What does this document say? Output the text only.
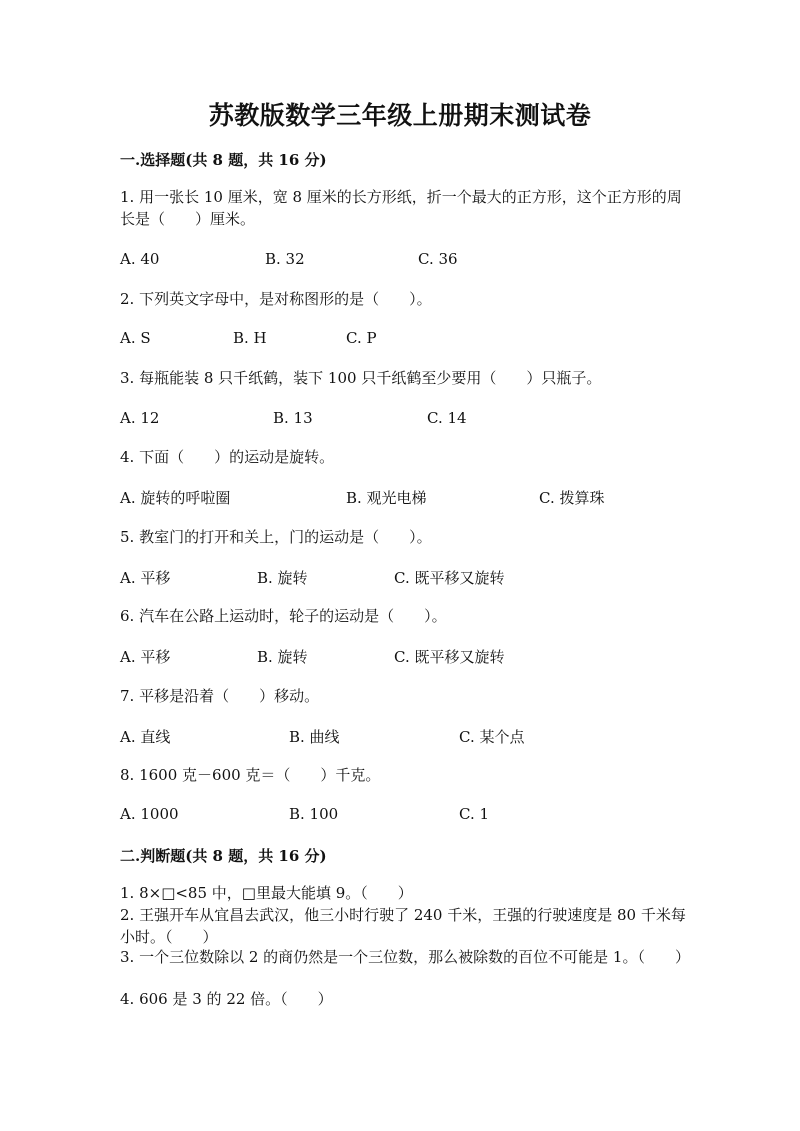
苏教版数学三年级上册期末测试卷
一.选择题(共 8 题，共 16 分)
1. 用一张长 10 厘米，宽 8 厘米的长方形纸，折一个最大的正方形，这个正方形的周长是（　　）厘米。
A. 40	B. 32	C. 36
2. 下列英文字母中，是对称图形的是（　　）。
A. S	B. H	C. P
3. 每瓶能装 8 只千纸鹤，装下 100 只千纸鹤至少要用（　　）只瓶子。
A. 12	B. 13	C. 14
4. 下面（　　）的运动是旋转。
A. 旋转的呼啦圈	B. 观光电梯	C. 拨算珠
5. 教室门的打开和关上，门的运动是（　　）。
A. 平移	B. 旋转	C. 既平移又旋转
6. 汽车在公路上运动时，轮子的运动是（　　）。
A. 平移	B. 旋转	C. 既平移又旋转
7. 平移是沿着（　　）移动。
A. 直线	B. 曲线	C. 某个点
8. 1600 克－600 克＝（　　）千克。
A. 1000	B. 100	C. 1
二.判断题(共 8 题，共 16 分)
1. 8×□<85 中，□里最大能填 9。（　　）
2. 王强开车从宜昌去武汉，他三小时行驶了 240 千米，王强的行驶速度是 80 千米每小时。（　　）
3. 一个三位数除以 2 的商仍然是一个三位数，那么被除数的百位不可能是 1。（　　）
4. 606 是 3 的 22 倍。（　　）
